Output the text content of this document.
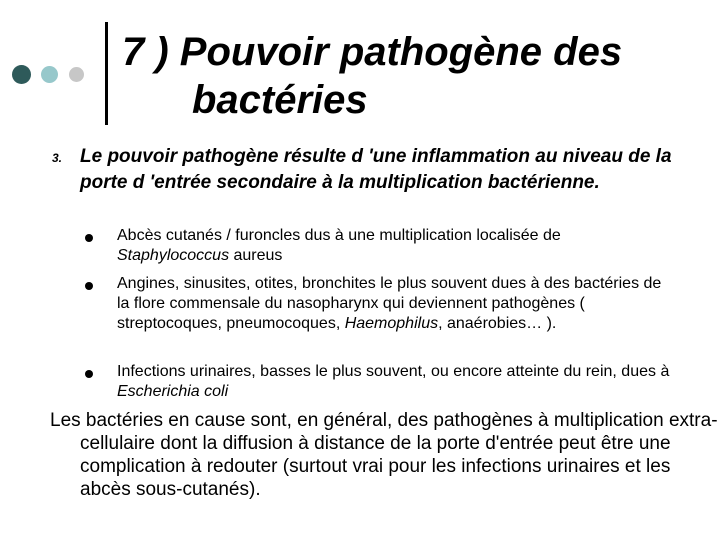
7 ) Pouvoir pathogène des
bactéries
3. Le pouvoir pathogène résulte d 'une inflammation au niveau de la porte d 'entrée secondaire à la multiplication bactérienne.
Abcès cutanés / furoncles dus à une multiplication localisée de Staphylococcus aureus
Angines, sinusites, otites, bronchites le plus souvent dues à des bactéries de la flore commensale du nasopharynx qui deviennent pathogènes ( streptocoques, pneumocoques, Haemophilus, anaérobies… ).
Infections urinaires, basses le plus souvent, ou encore atteinte du rein, dues à Escherichia coli
Les bactéries en cause sont, en général, des pathogènes à multiplication extra-cellulaire dont la diffusion à distance de la porte d'entrée peut être une complication à redouter (surtout vrai pour les infections urinaires et les abcès sous-cutanés).
